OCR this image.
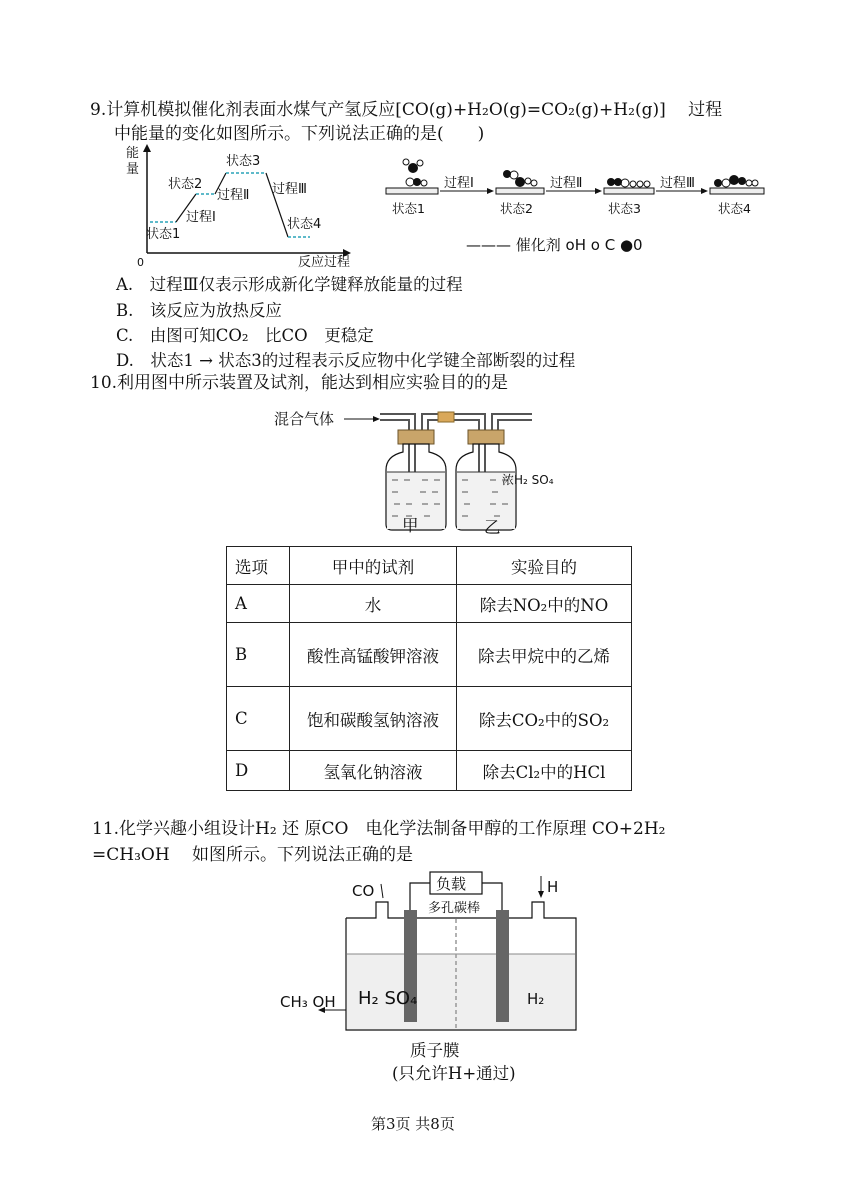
9.计算机模拟催化剂表面水煤气产氢反应[CO(g)+H₂O(g)=CO₂(g)+H₂(g)]　 过程
中能量的变化如图所示。下列说法正确的是(　　)
能
量
0	反应过程
状态1
状态2
状态3
状态4
过程Ⅰ
过程Ⅱ 过程Ⅲ	过程Ⅰ	过程Ⅱ	过程Ⅲ
状态1	状态2	状态3	状态4
——— 催化剂 oH o C ●0
A.　过程Ⅲ仅表示形成新化学键释放能量的过程
B.　该反应为放热反应
C.　由图可知CO₂　比CO　更稳定
D.　状态1 → 状态3的过程表示反应物中化学键全部断裂的过程
10.利用图中所示装置及试剂，能达到相应实验目的的是
混合气体
浓H₂ SO₄
甲	乙
选项	甲中的试剂	实验目的
A	水	除去NO₂中的NO
B	酸性高锰酸钾溶液	除去甲烷中的乙烯
C	饱和碳酸氢钠溶液	除去CO₂中的SO₂
D	氢氧化钠溶液	除去Cl₂中的HCl
11.化学兴趣小组设计H₂ 还 原CO　电化学法制备甲醇的工作原理 CO+2H₂
=CH₃OH　 如图所示。下列说法正确的是
负载
多孔碳棒
CO	H
H₂ SO₄	H₂
CH₃ OH
质子膜
(只允许H+通过)
第3页 共8页
